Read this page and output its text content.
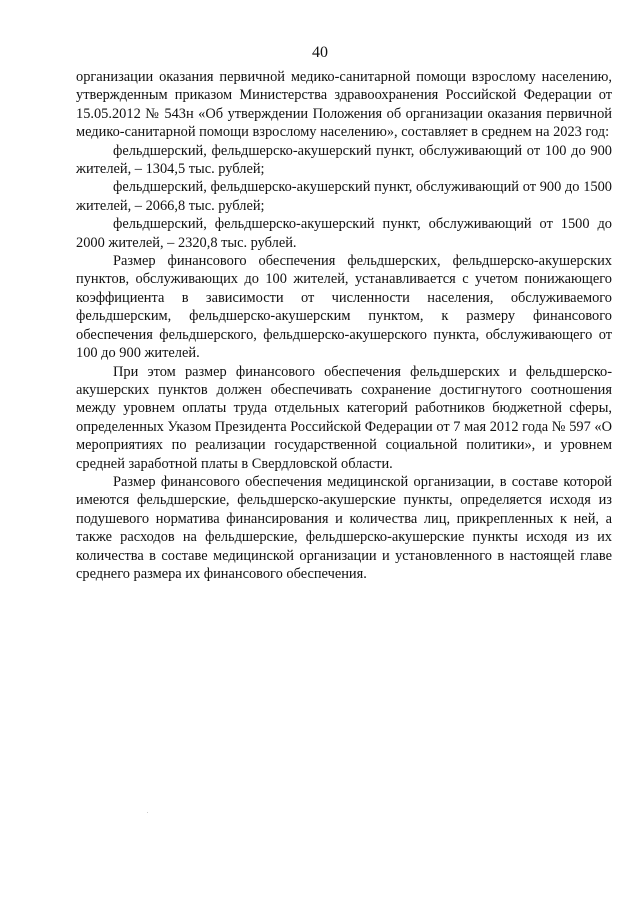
40

организации оказания первичной медико-санитарной помощи взрослому населению, утвержденным приказом Министерства здравоохранения Российской Федерации от 15.05.2012 № 543н «Об утверждении Положения об организации оказания первичной медико-санитарной помощи взрослому населению», составляет в среднем на 2023 год:

фельдшерский, фельдшерско-акушерский пункт, обслуживающий от 100 до 900 жителей, – 1304,5 тыс. рублей;

фельдшерский, фельдшерско-акушерский пункт, обслуживающий от 900 до 1500 жителей, – 2066,8 тыс. рублей;

фельдшерский, фельдшерско-акушерский пункт, обслуживающий от 1500 до 2000 жителей, – 2320,8 тыс. рублей.

Размер финансового обеспечения фельдшерских, фельдшерско-акушерских пунктов, обслуживающих до 100 жителей, устанавливается с учетом понижающего коэффициента в зависимости от численности населения, обслуживаемого фельдшерским, фельдшерско-акушерским пунктом, к размеру финансового обеспечения фельдшерского, фельдшерско-акушерского пункта, обслуживающего от 100 до 900 жителей.

При этом размер финансового обеспечения фельдшерских и фельдшерско-акушерских пунктов должен обеспечивать сохранение достигнутого соотношения между уровнем оплаты труда отдельных категорий работников бюджетной сферы, определенных Указом Президента Российской Федерации от 7 мая 2012 года № 597 «О мероприятиях по реализации государственной социальной политики», и уровнем средней заработной платы в Свердловской области.

Размер финансового обеспечения медицинской организации, в составе которой имеются фельдшерские, фельдшерско-акушерские пункты, определяется исходя из подушевого норматива финансирования и количества лиц, прикрепленных к ней, а также расходов на фельдшерские, фельдшерско-акушерские пункты исходя из их количества в составе медицинской организации и установленного в настоящей главе среднего размера их финансового обеспечения.
